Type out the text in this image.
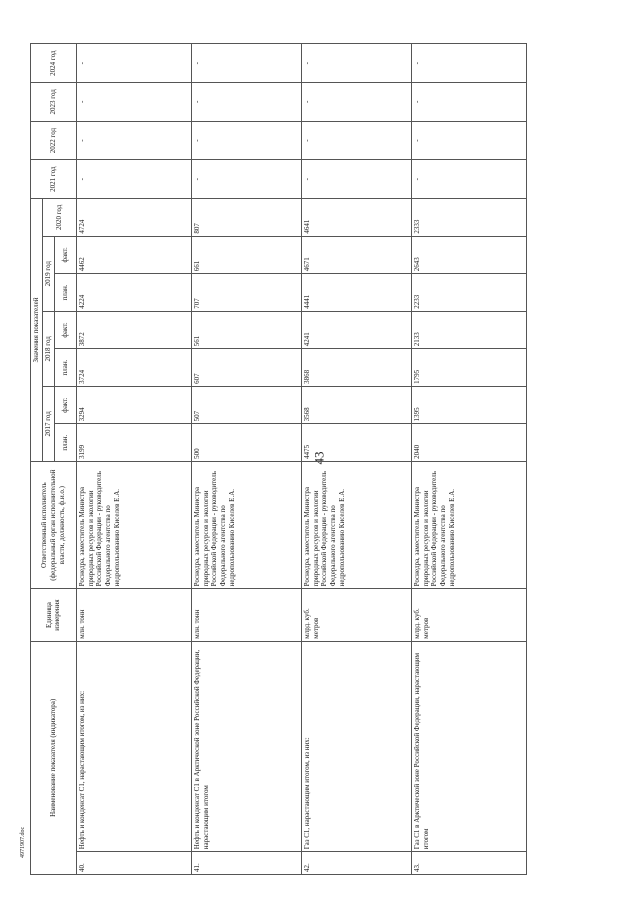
43
4971907.doc
Наименование показателя (индикатора)		Единица измерения	Ответственный исполнитель (федеральный орган исполнительной власти, должность, ф.и.о.)	Значения показателей							2021 год	2022 год	2023 год	2024 год	
				2017 год		2018 год		2019 год		2020 год					
				план.	факт.	план.	факт.	план.	факт.						
40.	Нефть и конденсат С1, нарастающим итогом, из них:	млн. тонн	Роснедра, заместитель Министра природных ресурсов и экологии Российской Федерации - руководитель Федерального агентства по недропользованию Киселев Е.А.	3199	3294	3724	3872	4224	4462	4724	-	-	-	-	
41.	Нефть и конденсат С1 в Арктической зоне Российской Федерации, нарастающим итогом	млн. тонн	Роснедра, заместитель Министра природных ресурсов и экологии Российской Федерации - руководитель Федерального агентства по недропользованию Киселев Е.А.	500	507	607	561	707	661	807	-	-	-	-	
42.	Газ С1, нарастающим итогом, из них:	млрд. куб. метров	Роснедра, заместитель Министра природных ресурсов и экологии Российской Федерации - руководитель Федерального агентства по недропользованию Киселев Е.А.	4475	3568	3868	4241	4441	4671	4641	-	-	-	-	
43.	Газ С1 в Арктической зоне Российской Федерации, нарастающим итогом	млрд. куб. метров	Роснедра, заместитель Министра природных ресурсов и экологии Российской Федерации - руководитель Федерального агентства по недропользованию Киселев Е.А.	2040	1395	1795	2133	2233	2643	2333	-	-	-	-	
